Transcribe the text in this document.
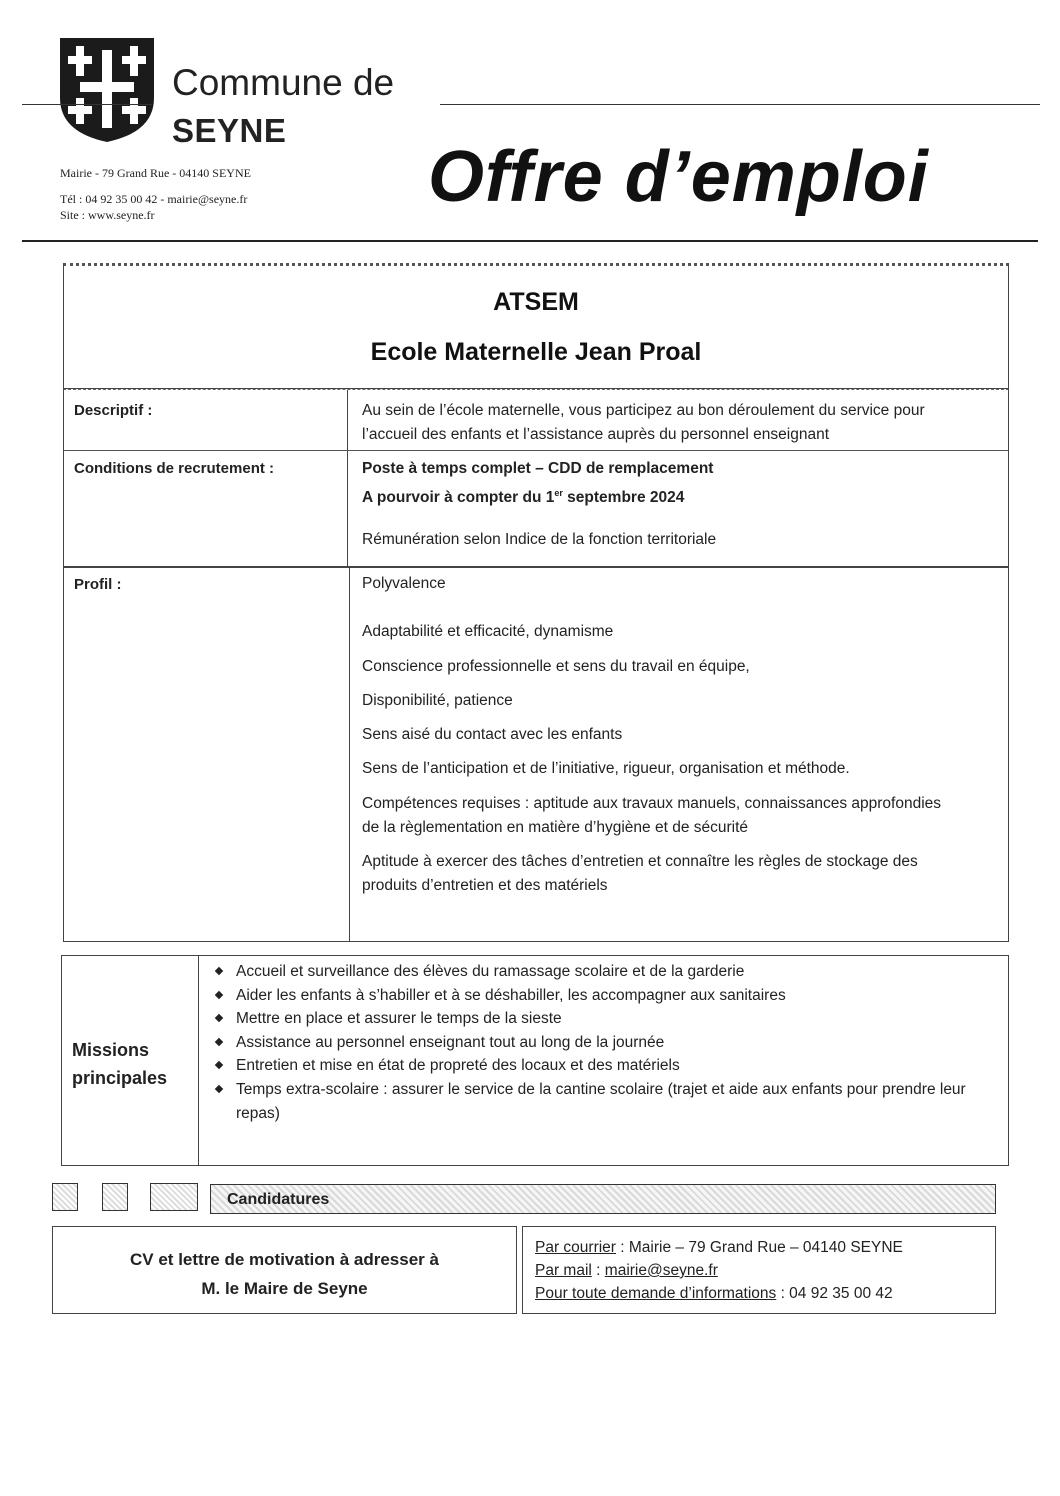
Commune de
SEYNE
Mairie - 79 Grand Rue - 04140 SEYNE
Tél : 04 92 35 00 42 - mairie@seyne.fr
Site : www.seyne.fr	Offre d’emploi
ATSEM
Ecole Maternelle Jean Proal
Descriptif :	Au sein de l’école maternelle, vous participez au bon déroulement du service pour
l’accueil des enfants et l’assistance auprès du personnel enseignant
Conditions de recrutement :	Poste à temps complet – CDD de remplacement
A pourvoir à compter du 1er septembre 2024
Rémunération selon Indice de la fonction territoriale
Profil :	Polyvalence
Adaptabilité et efficacité, dynamisme
Conscience professionnelle et sens du travail en équipe,
Disponibilité, patience
Sens aisé du contact avec les enfants
Sens de l’anticipation et de l’initiative, rigueur, organisation et méthode.
Compétences requises : aptitude aux travaux manuels, connaissances approfondies
de la règlementation en matière d’hygiène et de sécurité
Aptitude à exercer des tâches d’entretien et connaître les règles de stockage des
produits d’entretien et des matériels
Missions
principales
Accueil et surveillance des élèves du ramassage scolaire et de la garderie
Aider les enfants à s’habiller et à se déshabiller, les accompagner aux sanitaires
Mettre en place et assurer le temps de la sieste
Assistance au personnel enseignant tout au long de la journée
Entretien et mise en état de propreté des locaux et des matériels
Temps extra-scolaire : assurer le service de la cantine scolaire (trajet et aide aux enfants pour prendre leur repas)
Candidatures
CV et lettre de motivation à adresser à
M. le Maire de Seyne
Par courrier : Mairie – 79 Grand Rue – 04140 SEYNE
Par mail : mairie@seyne.fr
Pour toute demande d’informations : 04 92 35 00 42
